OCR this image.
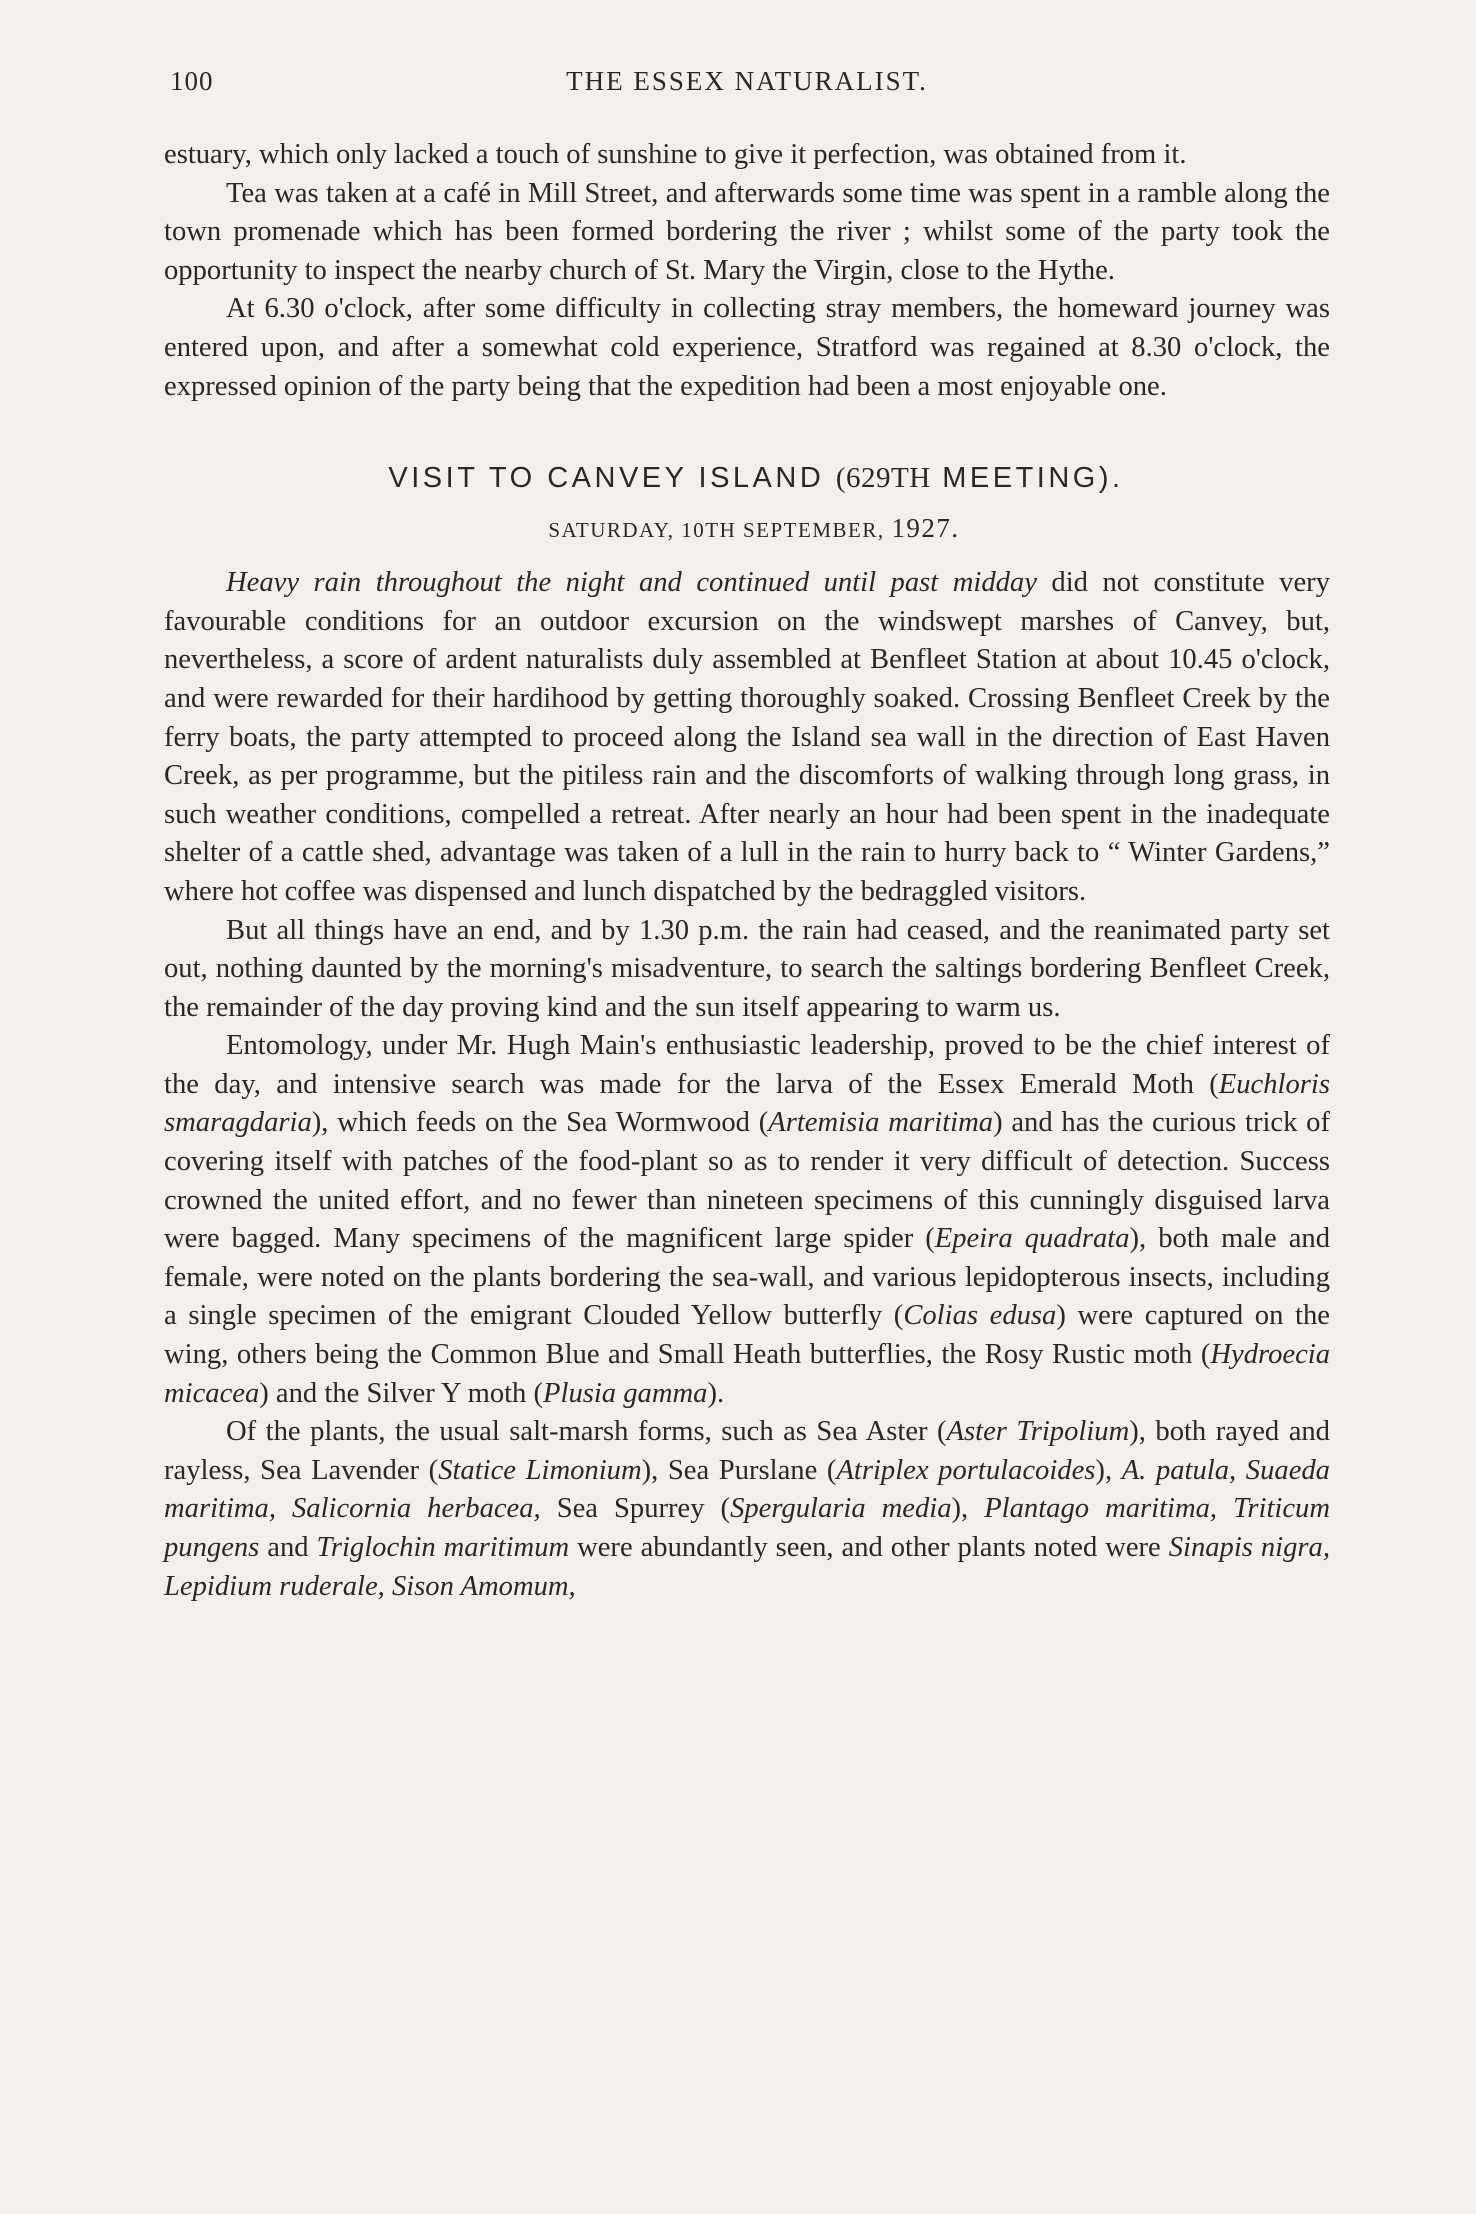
100	THE ESSEX NATURALIST.

estuary, which only lacked a touch of sunshine to give it perfection, was obtained from it.

Tea was taken at a café in Mill Street, and afterwards some time was spent in a ramble along the town promenade which has been formed bordering the river ; whilst some of the party took the opportunity to inspect the nearby church of St. Mary the Virgin, close to the Hythe.

At 6.30 o'clock, after some difficulty in collecting stray members, the homeward journey was entered upon, and after a somewhat cold experience, Stratford was regained at 8.30 o'clock, the expressed opinion of the party being that the expedition had been a most enjoyable one.

VISIT TO CANVEY ISLAND (629TH MEETING).
SATURDAY, 10TH SEPTEMBER, 1927.

Heavy rain throughout the night and continued until past midday did not constitute very favourable conditions for an outdoor excursion on the windswept marshes of Canvey, but, nevertheless, a score of ardent naturalists duly assembled at Benfleet Station at about 10.45 o'clock, and were rewarded for their hardihood by getting thoroughly soaked. Crossing Benfleet Creek by the ferry boats, the party attempted to proceed along the Island sea wall in the direction of East Haven Creek, as per programme, but the pitiless rain and the discomforts of walking through long grass, in such weather conditions, compelled a retreat. After nearly an hour had been spent in the inadequate shelter of a cattle shed, advantage was taken of a lull in the rain to hurry back to “ Winter Gardens,” where hot coffee was dispensed and lunch dispatched by the bedraggled visitors.

But all things have an end, and by 1.30 p.m. the rain had ceased, and the reanimated party set out, nothing daunted by the morning's misadventure, to search the saltings bordering Benfleet Creek, the remainder of the day proving kind and the sun itself appearing to warm us.

Entomology, under Mr. Hugh Main's enthusiastic leadership, proved to be the chief interest of the day, and intensive search was made for the larva of the Essex Emerald Moth (Euchloris smaragdaria), which feeds on the Sea Wormwood (Artemisia maritima) and has the curious trick of covering itself with patches of the food-plant so as to render it very difficult of detection. Success crowned the united effort, and no fewer than nineteen specimens of this cunningly disguised larva were bagged. Many specimens of the magnificent large spider (Epeira quadrata), both male and female, were noted on the plants bordering the sea-wall, and various lepidopterous insects, including a single specimen of the emigrant Clouded Yellow butterfly (Colias edusa) were captured on the wing, others being the Common Blue and Small Heath butterflies, the Rosy Rustic moth (Hydroecia micacea) and the Silver Y moth (Plusia gamma).

Of the plants, the usual salt-marsh forms, such as Sea Aster (Aster Tripolium), both rayed and rayless, Sea Lavender (Statice Limonium), Sea Purslane (Atriplex portulacoides), A. patula, Suaeda maritima, Salicornia herbacea, Sea Spurrey (Spergularia media), Plantago maritima, Triticum pungens and Triglochin maritimum were abundantly seen, and other plants noted were Sinapis nigra, Lepidium ruderale, Sison Amomum,
